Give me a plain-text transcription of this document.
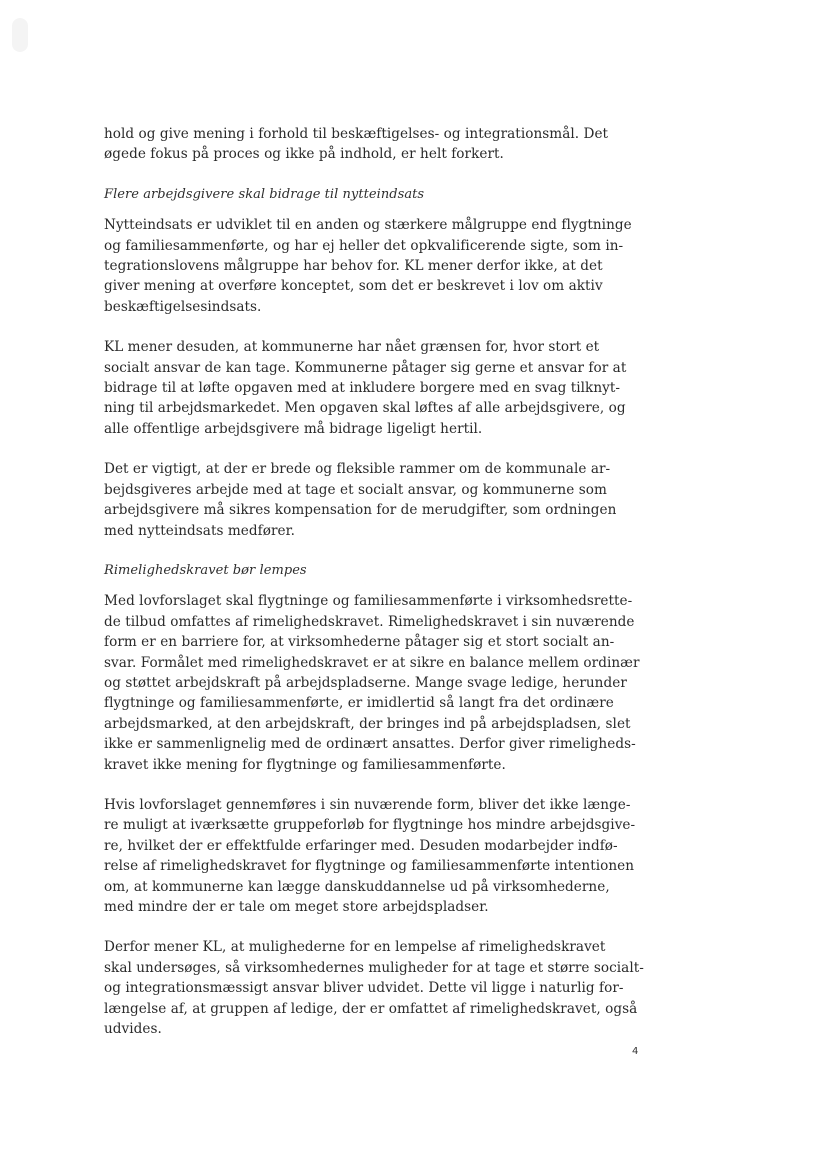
hold og give mening i forhold til beskæftigelses- og integrationsmål. Det
øgede fokus på proces og ikke på indhold, er helt forkert.
Flere arbejdsgivere skal bidrage til nytteindsats
Nytteindsats er udviklet til en anden og stærkere målgruppe end flygtninge
og familiesammenførte, og har ej heller det opkvalificerende sigte, som in-
tegrationslovens målgruppe har behov for. KL mener derfor ikke, at det
giver mening at overføre konceptet, som det er beskrevet i lov om aktiv
beskæftigelsesindsats.
KL mener desuden, at kommunerne har nået grænsen for, hvor stort et
socialt ansvar de kan tage. Kommunerne påtager sig gerne et ansvar for at
bidrage til at løfte opgaven med at inkludere borgere med en svag tilknyt-
ning til arbejdsmarkedet. Men opgaven skal løftes af alle arbejdsgivere, og
alle offentlige arbejdsgivere må bidrage ligeligt hertil.
Det er vigtigt, at der er brede og fleksible rammer om de kommunale ar-
bejdsgiveres arbejde med at tage et socialt ansvar, og kommunerne som
arbejdsgivere må sikres kompensation for de merudgifter, som ordningen
med nytteindsats medfører.
Rimelighedskravet bør lempes
Med lovforslaget skal flygtninge og familiesammenførte i virksomhedsrette-
de tilbud omfattes af rimelighedskravet. Rimelighedskravet i sin nuværende
form er en barriere for, at virksomhederne påtager sig et stort socialt an-
svar. Formålet med rimelighedskravet er at sikre en balance mellem ordinær
og støttet arbejdskraft på arbejdspladserne. Mange svage ledige, herunder
flygtninge og familiesammenførte, er imidlertid så langt fra det ordinære
arbejdsmarked, at den arbejdskraft, der bringes ind på arbejdspladsen, slet
ikke er sammenlignelig med de ordinært ansattes. Derfor giver rimeligheds-
kravet ikke mening for flygtninge og familiesammenførte.
Hvis lovforslaget gennemføres i sin nuværende form, bliver det ikke længe-
re muligt at iværksætte gruppeforløb for flygtninge hos mindre arbejdsgive-
re, hvilket der er effektfulde erfaringer med. Desuden modarbejder indfø-
relse af rimelighedskravet for flygtninge og familiesammenførte intentionen
om, at kommunerne kan lægge danskuddannelse ud på virksomhederne,
med mindre der er tale om meget store arbejdspladser.
Derfor mener KL, at mulighederne for en lempelse af rimelighedskravet
skal undersøges, så virksomhedernes muligheder for at tage et større socialt-
og integrationsmæssigt ansvar bliver udvidet. Dette vil ligge i naturlig for-
længelse af, at gruppen af ledige, der er omfattet af rimelighedskravet, også
udvides.
4
